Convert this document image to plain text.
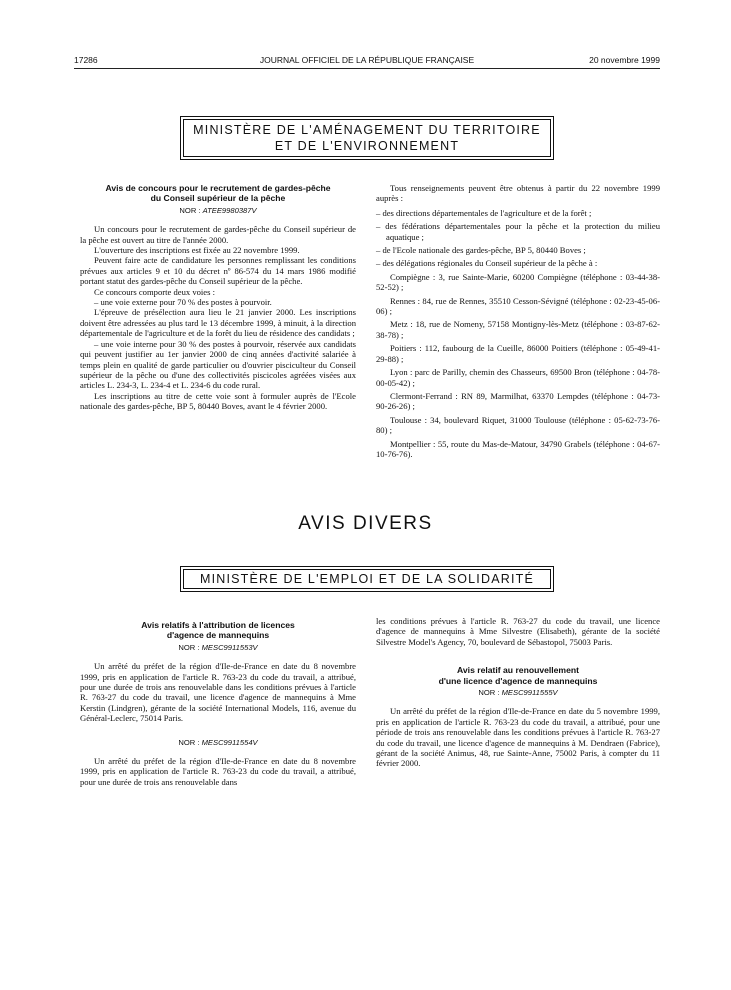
17286	JOURNAL OFFICIEL DE LA RÉPUBLIQUE FRANÇAISE	20 novembre 1999
MINISTÈRE DE L'AMÉNAGEMENT DU TERRITOIRE
ET DE L'ENVIRONNEMENT
Avis de concours pour le recrutement de gardes-pêche
du Conseil supérieur de la pêche
NOR : ATEE9980387V
Un concours pour le recrutement de gardes-pêche du Conseil supérieur de la pêche est ouvert au titre de l'année 2000.
L'ouverture des inscriptions est fixée au 22 novembre 1999.
Peuvent faire acte de candidature les personnes remplissant les conditions prévues aux articles 9 et 10 du décret nº 86-574 du 14 mars 1986 modifié portant statut des gardes-pêche du Conseil supérieur de la pêche.
Ce concours comporte deux voies :
– une voie externe pour 70 % des postes à pourvoir.
L'épreuve de présélection aura lieu le 21 janvier 2000. Les inscriptions doivent être adressées au plus tard le 13 décembre 1999, à minuit, à la direction départementale de l'agriculture et de la forêt du lieu de résidence des candidats ;
– une voie interne pour 30 % des postes à pourvoir, réservée aux candidats qui peuvent justifier au 1er janvier 2000 de cinq années d'activité salariée à temps plein en qualité de garde particulier ou d'ouvrier pisciculteur du Conseil supérieur de la pêche ou d'une des collectivités piscicoles agréées visées aux articles L. 234-3, L. 234-4 et L. 234-6 du code rural.
Les inscriptions au titre de cette voie sont à formuler auprès de l'Ecole nationale des gardes-pêche, BP 5, 80440 Boves, avant le 4 février 2000.
Tous renseignements peuvent être obtenus à partir du 22 novembre 1999 auprès :
– des directions départementales de l'agriculture et de la forêt ;
– des fédérations départementales pour la pêche et la protection du milieu aquatique ;
– de l'Ecole nationale des gardes-pêche, BP 5, 80440 Boves ;
– des délégations régionales du Conseil supérieur de la pêche à :
Compiègne : 3, rue Sainte-Marie, 60200 Compiègne (téléphone : 03-44-38-52-52) ;
Rennes : 84, rue de Rennes, 35510 Cesson-Sévigné (téléphone : 02-23-45-06-06) ;
Metz : 18, rue de Nomeny, 57158 Montigny-lès-Metz (téléphone : 03-87-62-38-78) ;
Poitiers : 112, faubourg de la Cueille, 86000 Poitiers (téléphone : 05-49-41-29-88) ;
Lyon : parc de Parilly, chemin des Chasseurs, 69500 Bron (téléphone : 04-78-00-05-42) ;
Clermont-Ferrand : RN 89, Marmilhat, 63370 Lempdes (téléphone : 04-73-90-26-26) ;
Toulouse : 34, boulevard Riquet, 31000 Toulouse (téléphone : 05-62-73-76-80) ;
Montpellier : 55, route du Mas-de-Matour, 34790 Grabels (téléphone : 04-67-10-76-76).
AVIS DIVERS
MINISTÈRE DE L'EMPLOI ET DE LA SOLIDARITÉ
Avis relatifs à l'attribution de licences
d'agence de mannequins
NOR : MESC9911553V
Un arrêté du préfet de la région d'Ile-de-France en date du 8 novembre 1999, pris en application de l'article R. 763-23 du code du travail, a attribué, pour une durée de trois ans renouvelable dans les conditions prévues à l'article R. 763-27 du code du travail, une licence d'agence de mannequins à Mme Kerstin (Lindgren), gérante de la société International Models, 116, avenue du Général-Leclerc, 75014 Paris.
NOR : MESC9911554V
Un arrêté du préfet de la région d'Ile-de-France en date du 8 novembre 1999, pris en application de l'article R. 763-23 du code du travail, a attribué, pour une durée de trois ans renouvelable dans
les conditions prévues à l'article R. 763-27 du code du travail, une licence d'agence de mannequins à Mme Silvestre (Elisabeth), gérante de la société Silvestre Model's Agency, 70, boulevard de Sébastopol, 75003 Paris.
Avis relatif au renouvellement
d'une licence d'agence de mannequins
NOR : MESC9911555V
Un arrêté du préfet de la région d'Ile-de-France en date du 5 novembre 1999, pris en application de l'article R. 763-23 du code du travail, a attribué, pour une période de trois ans renouvelable dans les conditions prévues à l'article R. 763-27 du code du travail, une licence d'agence de mannequins à M. Dendraen (Fabrice), gérant de la société Animus, 48, rue Sainte-Anne, 75002 Paris, à compter du 11 février 2000.
